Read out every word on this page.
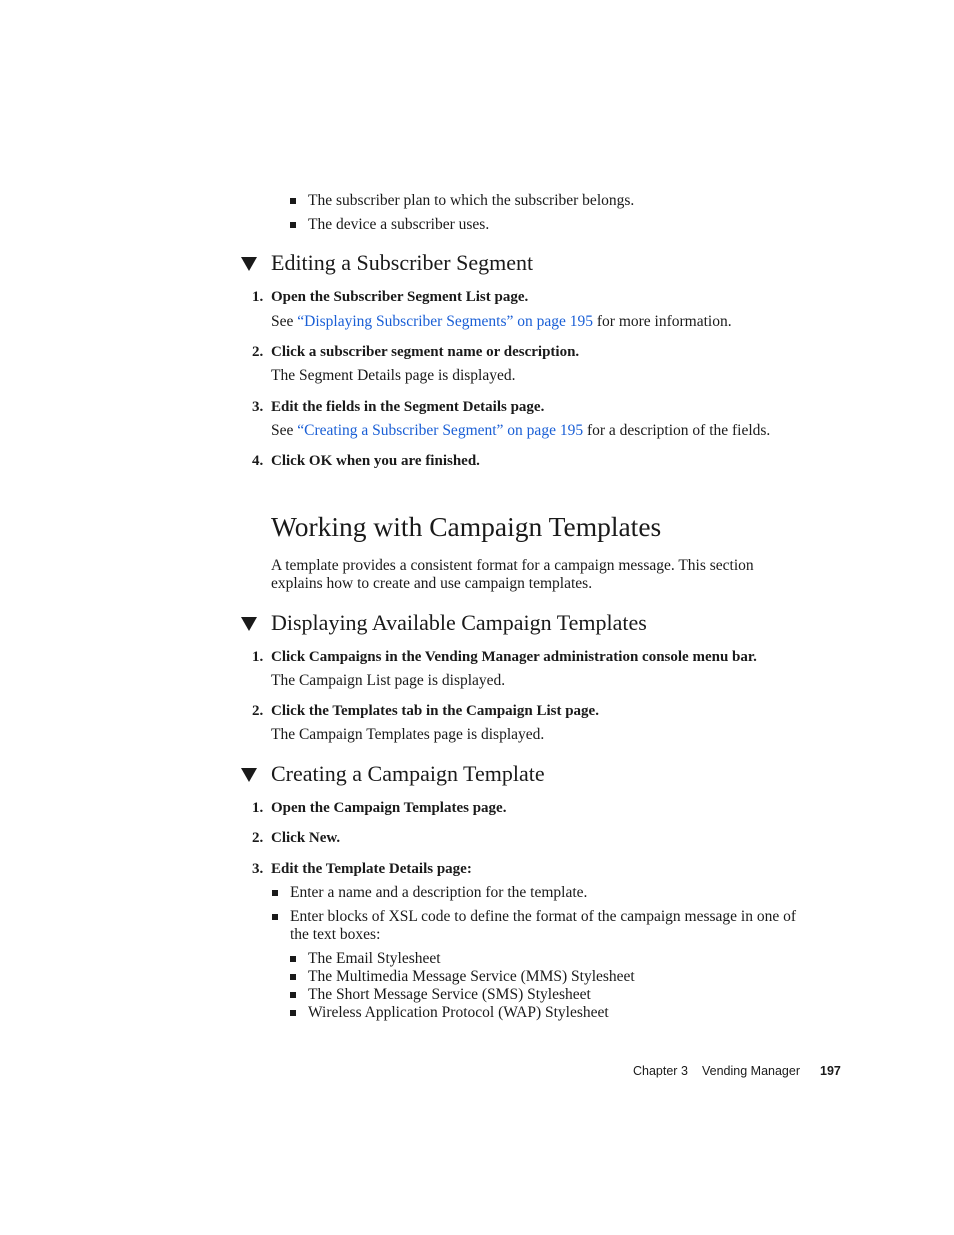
The subscriber plan to which the subscriber belongs.
The device a subscriber uses.
Editing a Subscriber Segment
1. Open the Subscriber Segment List page.
See “Displaying Subscriber Segments” on page 195 for more information.
2. Click a subscriber segment name or description.
The Segment Details page is displayed.
3. Edit the fields in the Segment Details page.
See “Creating a Subscriber Segment” on page 195 for a description of the fields.
4. Click OK when you are finished.
Working with Campaign Templates
A template provides a consistent format for a campaign message. This section
explains how to create and use campaign templates.
Displaying Available Campaign Templates
1. Click Campaigns in the Vending Manager administration console menu bar.
The Campaign List page is displayed.
2. Click the Templates tab in the Campaign List page.
The Campaign Templates page is displayed.
Creating a Campaign Template
1. Open the Campaign Templates page.
2. Click New.
3. Edit the Template Details page:
Enter a name and a description for the template.
Enter blocks of XSL code to define the format of the campaign message in one of
the text boxes:
The Email Stylesheet
The Multimedia Message Service (MMS) Stylesheet
The Short Message Service (SMS) Stylesheet
Wireless Application Protocol (WAP) Stylesheet
Chapter 3 Vending Manager 197
